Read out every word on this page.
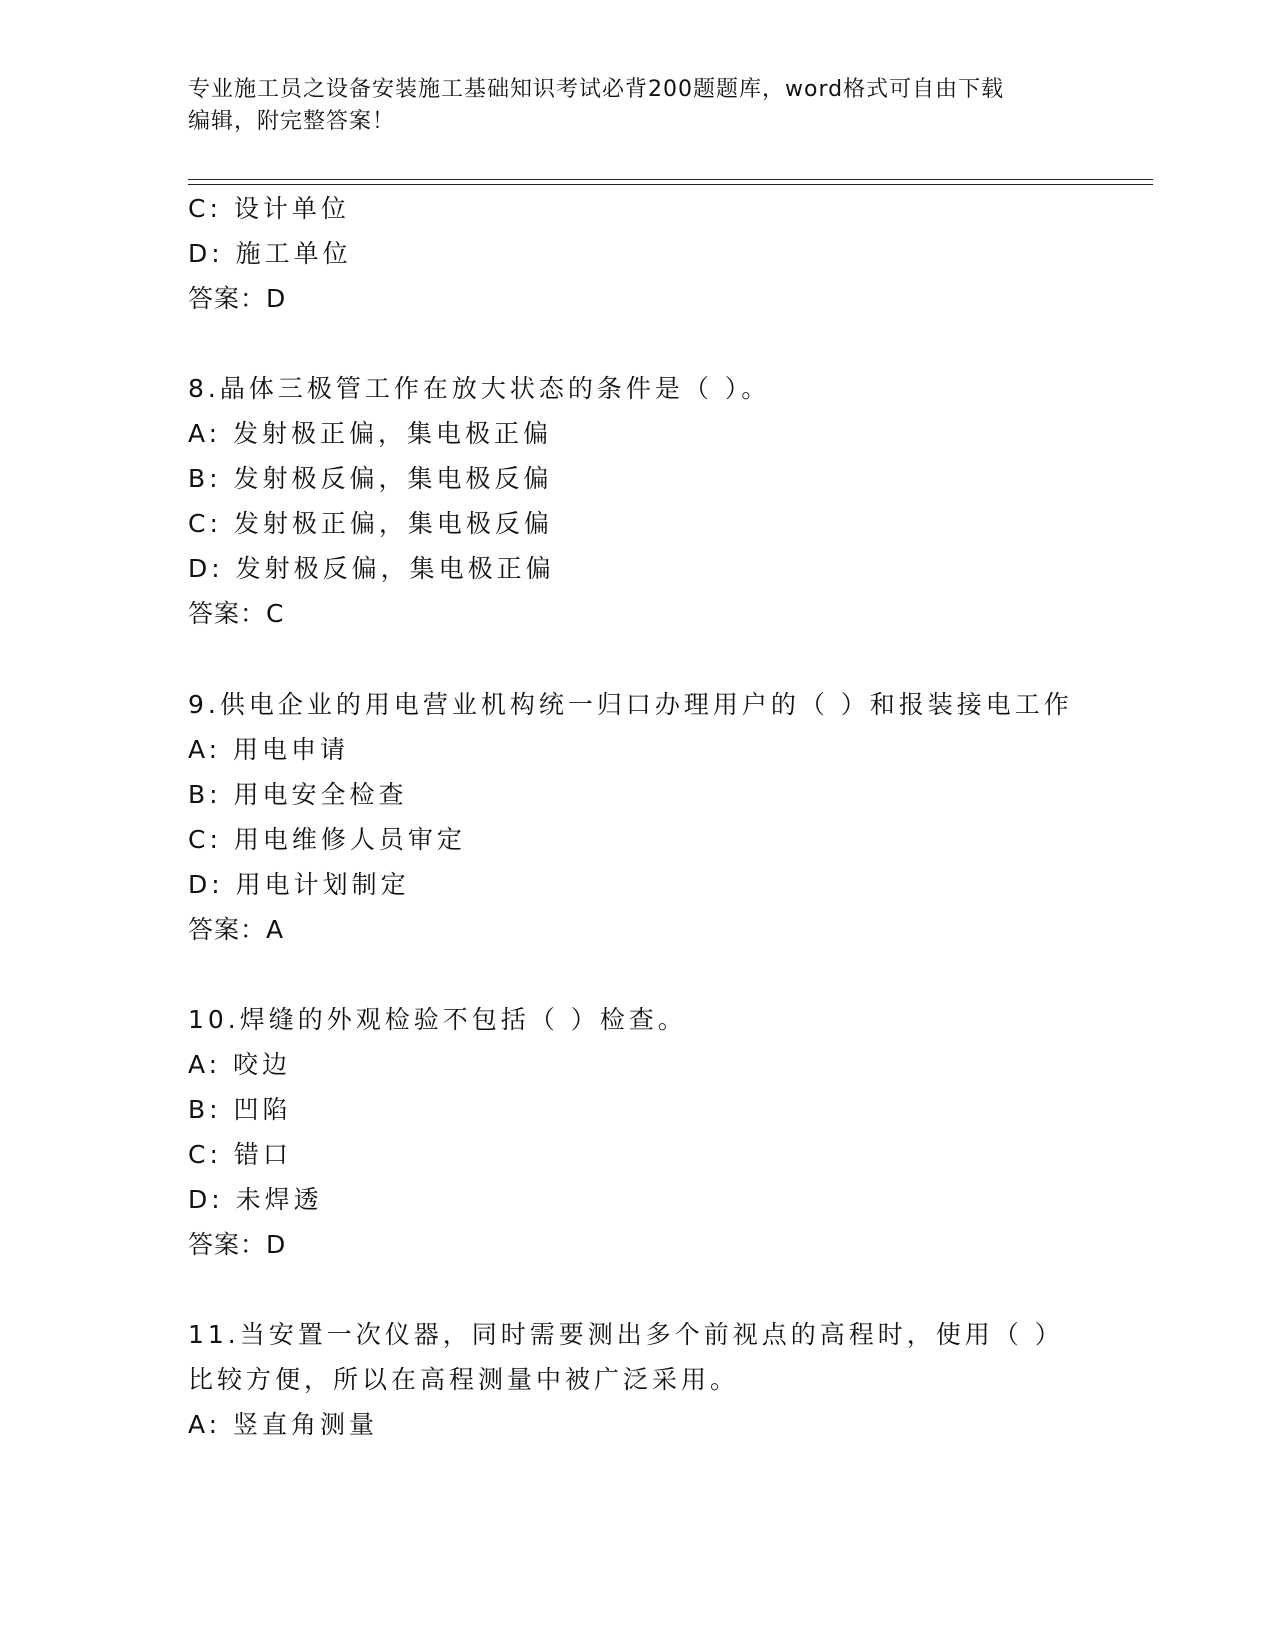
专业施工员之设备安装施工基础知识考试必背200题题库，word格式可自由下载
编辑，附完整答案！
C: 设计单位
D: 施工单位
答案：D
8.晶体三极管工作在放大状态的条件是（ ）。
A: 发射极正偏，集电极正偏
B: 发射极反偏，集电极反偏
C: 发射极正偏，集电极反偏
D: 发射极反偏，集电极正偏
答案：C
9.供电企业的用电营业机构统一归口办理用户的（ ）和报装接电工作
A: 用电申请
B: 用电安全检查
C: 用电维修人员审定
D: 用电计划制定
答案：A
10.焊缝的外观检验不包括（ ）检查。
A: 咬边
B: 凹陷
C: 错口
D: 未焊透
答案：D
11.当安置一次仪器，同时需要测出多个前视点的高程时，使用（ ）
比较方便，所以在高程测量中被广泛采用。
A: 竖直角测量
